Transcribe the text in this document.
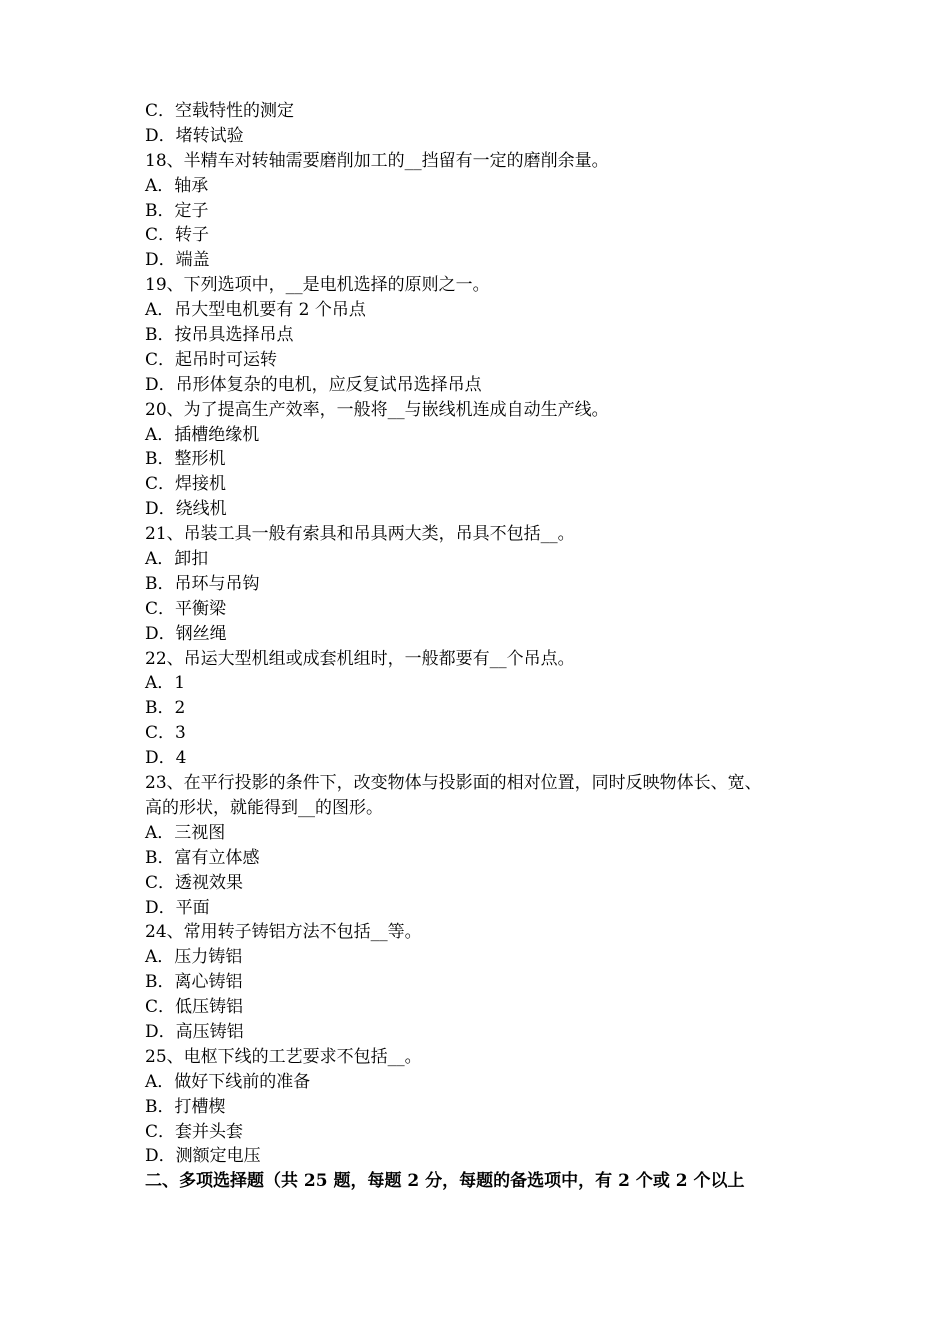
C．空载特性的测定
D．堵转试验
18、半精车对转轴需要磨削加工的__挡留有一定的磨削余量。
A．轴承
B．定子
C．转子
D．端盖
19、下列选项中，__是电机选择的原则之一。
A．吊大型电机要有 2 个吊点
B．按吊具选择吊点
C．起吊时可运转
D．吊形体复杂的电机，应反复试吊选择吊点
20、为了提高生产效率，一般将__与嵌线机连成自动生产线。
A．插槽绝缘机
B．整形机
C．焊接机
D．绕线机
21、吊装工具一般有索具和吊具两大类，吊具不包括__。
A．卸扣
B．吊环与吊钩
C．平衡梁
D．钢丝绳
22、吊运大型机组或成套机组时，一般都要有__个吊点。
A．1
B．2
C．3
D．4
23、在平行投影的条件下，改变物体与投影面的相对位置，同时反映物体长、宽、
高的形状，就能得到__的图形。
A．三视图
B．富有立体感
C．透视效果
D．平面
24、常用转子铸铝方法不包括__等。
A．压力铸铝
B．离心铸铝
C．低压铸铝
D．高压铸铝
25、电枢下线的工艺要求不包括__。
A．做好下线前的准备
B．打槽楔
C．套并头套
D．测额定电压
二、多项选择题（共 25 题，每题 2 分，每题的备选项中，有 2 个或 2 个以上
